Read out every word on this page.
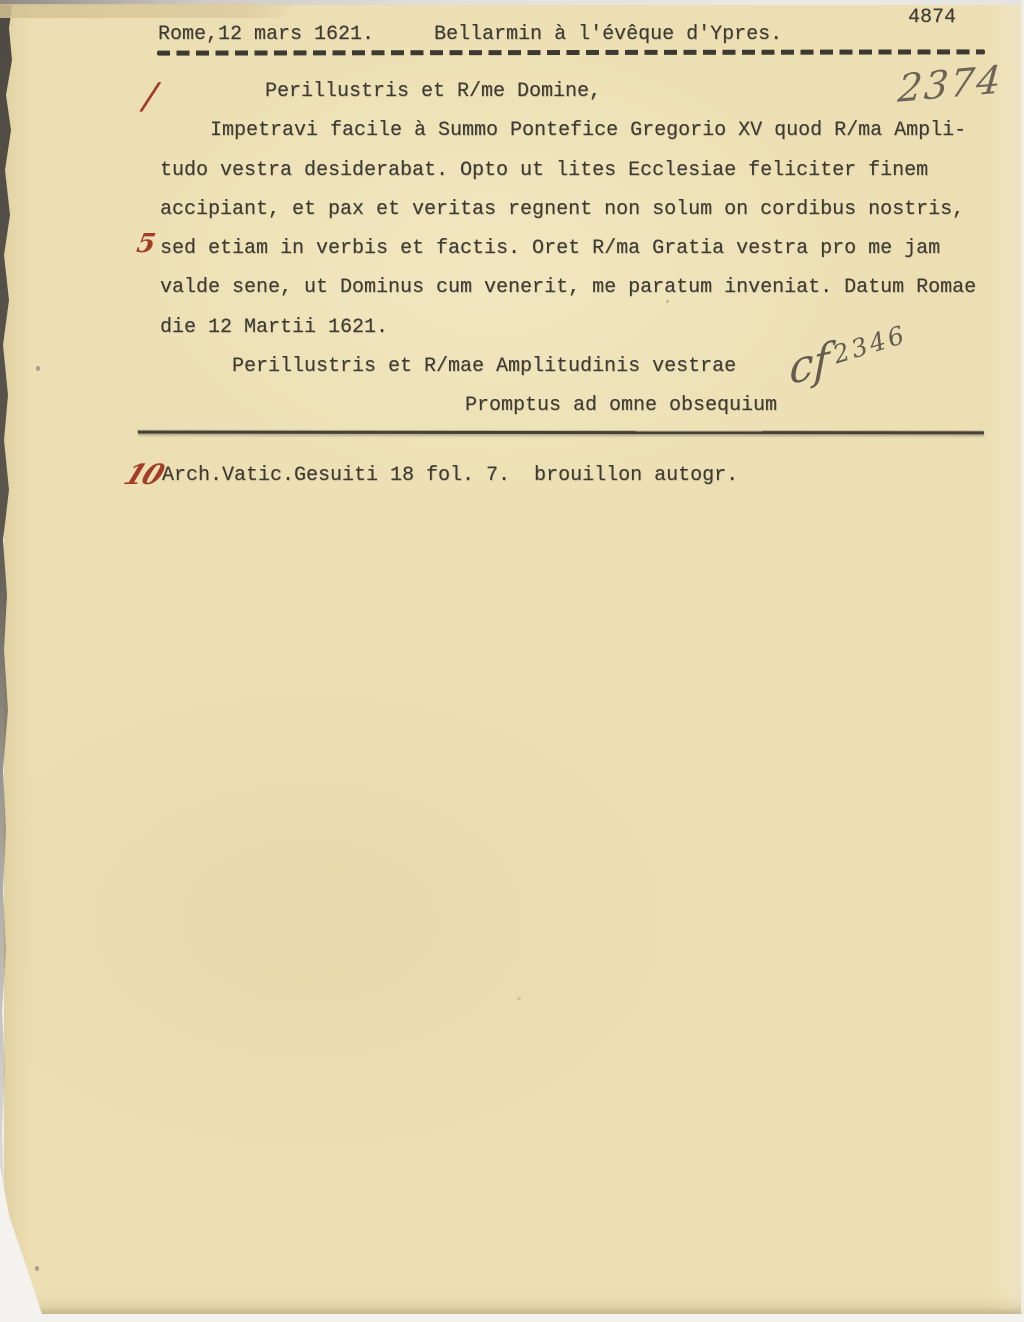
4874
Rome,12 mars 1621.     Bellarmin à l'évêque d'Ypres.
2374
/
5
10
Perillustris et R/me Domine,
Impetravi facile à Summo Pontefice Gregorio XV quod R/ma Ampli-
tudo vestra desiderabat. Opto ut lites Ecclesiae feliciter finem
accipiant, et pax et veritas regnent non solum on cordibus nostris,
sed etiam in verbis et factis. Oret R/ma Gratia vestra pro me jam
valde sene, ut Dominus cum venerit, me paratum inveniat. Datum Romae
die 12 Martii 1621.
Perillustris et R/mae Amplitudinis vestrae
Promptus ad omne obsequium
cf 2346
Arch.Vatic.Gesuiti 18 fol. 7.  brouillon autogr.
